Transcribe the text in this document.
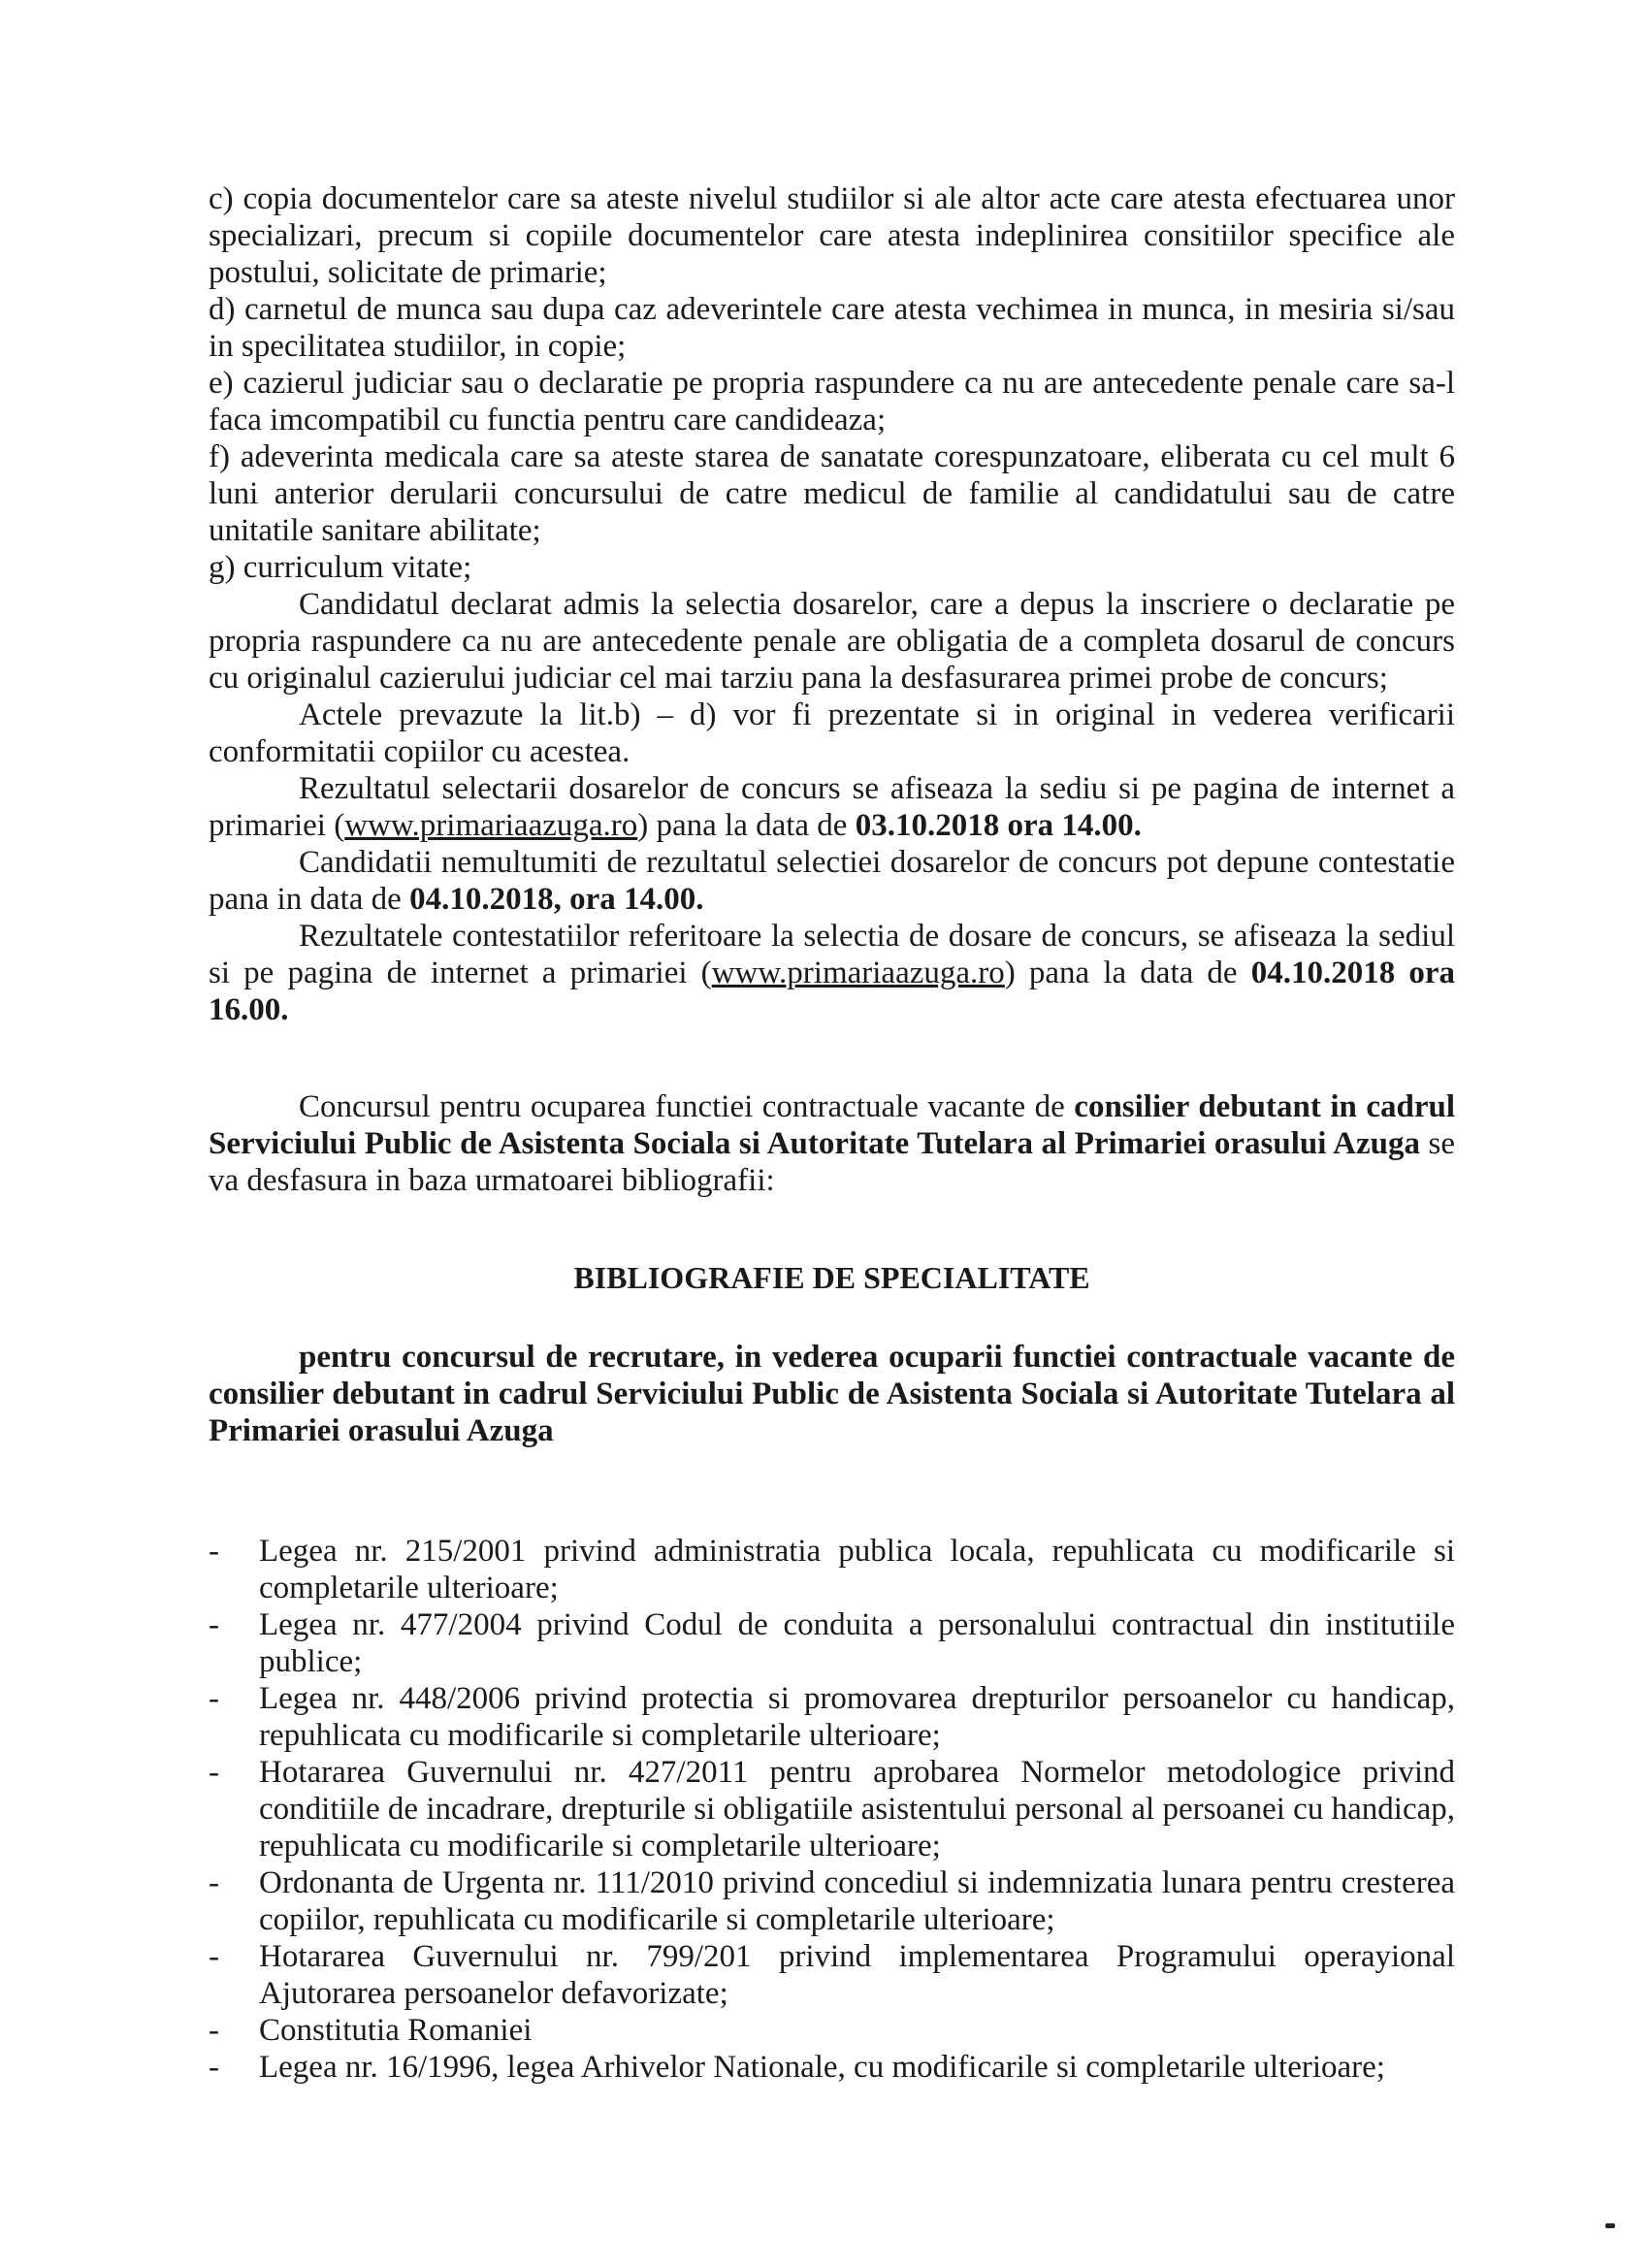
c) copia documentelor care sa ateste nivelul studiilor si ale altor acte care atesta efectuarea unor specializari, precum si copiile documentelor care atesta indeplinirea consitiilor specifice ale postului, solicitate de primarie;

d) carnetul de munca sau dupa caz adeverintele care atesta vechimea in munca, in mesiria si/sau in specilitatea studiilor, in copie;

e) cazierul judiciar sau o declaratie pe propria raspundere ca nu are antecedente penale care sa-l faca imcompatibil cu functia pentru care candideaza;

f) adeverinta medicala care sa ateste starea de sanatate corespunzatoare, eliberata cu cel mult 6 luni anterior derularii concursului de catre medicul de familie al candidatului sau de catre unitatile sanitare abilitate;

g) curriculum vitate;

Candidatul declarat admis la selectia dosarelor, care a depus la inscriere o declaratie pe propria raspundere ca nu are antecedente penale are obligatia de a completa dosarul de concurs cu originalul cazierului judiciar cel mai tarziu pana la desfasurarea primei probe de concurs;

Actele prevazute la lit.b) – d) vor fi prezentate si in original in vederea verificarii conformitatii copiilor cu acestea.

Rezultatul selectarii dosarelor de concurs se afiseaza la sediu si pe pagina de internet a primariei (www.primariaazuga.ro) pana la data de 03.10.2018 ora 14.00.

Candidatii nemultumiti de rezultatul selectiei dosarelor de concurs pot depune contestatie pana in data de 04.10.2018, ora 14.00.

Rezultatele contestatiilor referitoare la selectia de dosare de concurs, se afiseaza la sediul si pe pagina de internet a primariei (www.primariaazuga.ro) pana la data de 04.10.2018 ora 16.00.

Concursul pentru ocuparea functiei contractuale vacante de consilier debutant in cadrul Serviciului Public de Asistenta Sociala si Autoritate Tutelara al Primariei orasului Azuga se va desfasura in baza urmatoarei bibliografii:

BIBLIOGRAFIE DE SPECIALITATE

pentru concursul de recrutare, in vederea ocuparii functiei contractuale vacante de consilier debutant in cadrul Serviciului Public de Asistenta Sociala si Autoritate Tutelara al Primariei orasului Azuga

- Legea nr. 215/2001 privind administratia publica locala, repuhlicata cu modificarile si completarile ulterioare;
- Legea nr. 477/2004 privind Codul de conduita a personalului contractual din institutiile publice;
- Legea nr. 448/2006 privind protectia si promovarea drepturilor persoanelor cu handicap, repuhlicata cu modificarile si completarile ulterioare;
- Hotararea Guvernului nr. 427/2011 pentru aprobarea Normelor metodologice privind conditiile de incadrare, drepturile si obligatiile asistentului personal al persoanei cu handicap, repuhlicata cu modificarile si completarile ulterioare;
- Ordonanta de Urgenta nr. 111/2010 privind concediul si indemnizatia lunara pentru cresterea copiilor, repuhlicata cu modificarile si completarile ulterioare;
- Hotararea Guvernului nr. 799/201 privind implementarea Programului operayional Ajutorarea persoanelor defavorizate;
- Constitutia Romaniei
- Legea nr. 16/1996, legea Arhivelor Nationale, cu modificarile si completarile ulterioare;
